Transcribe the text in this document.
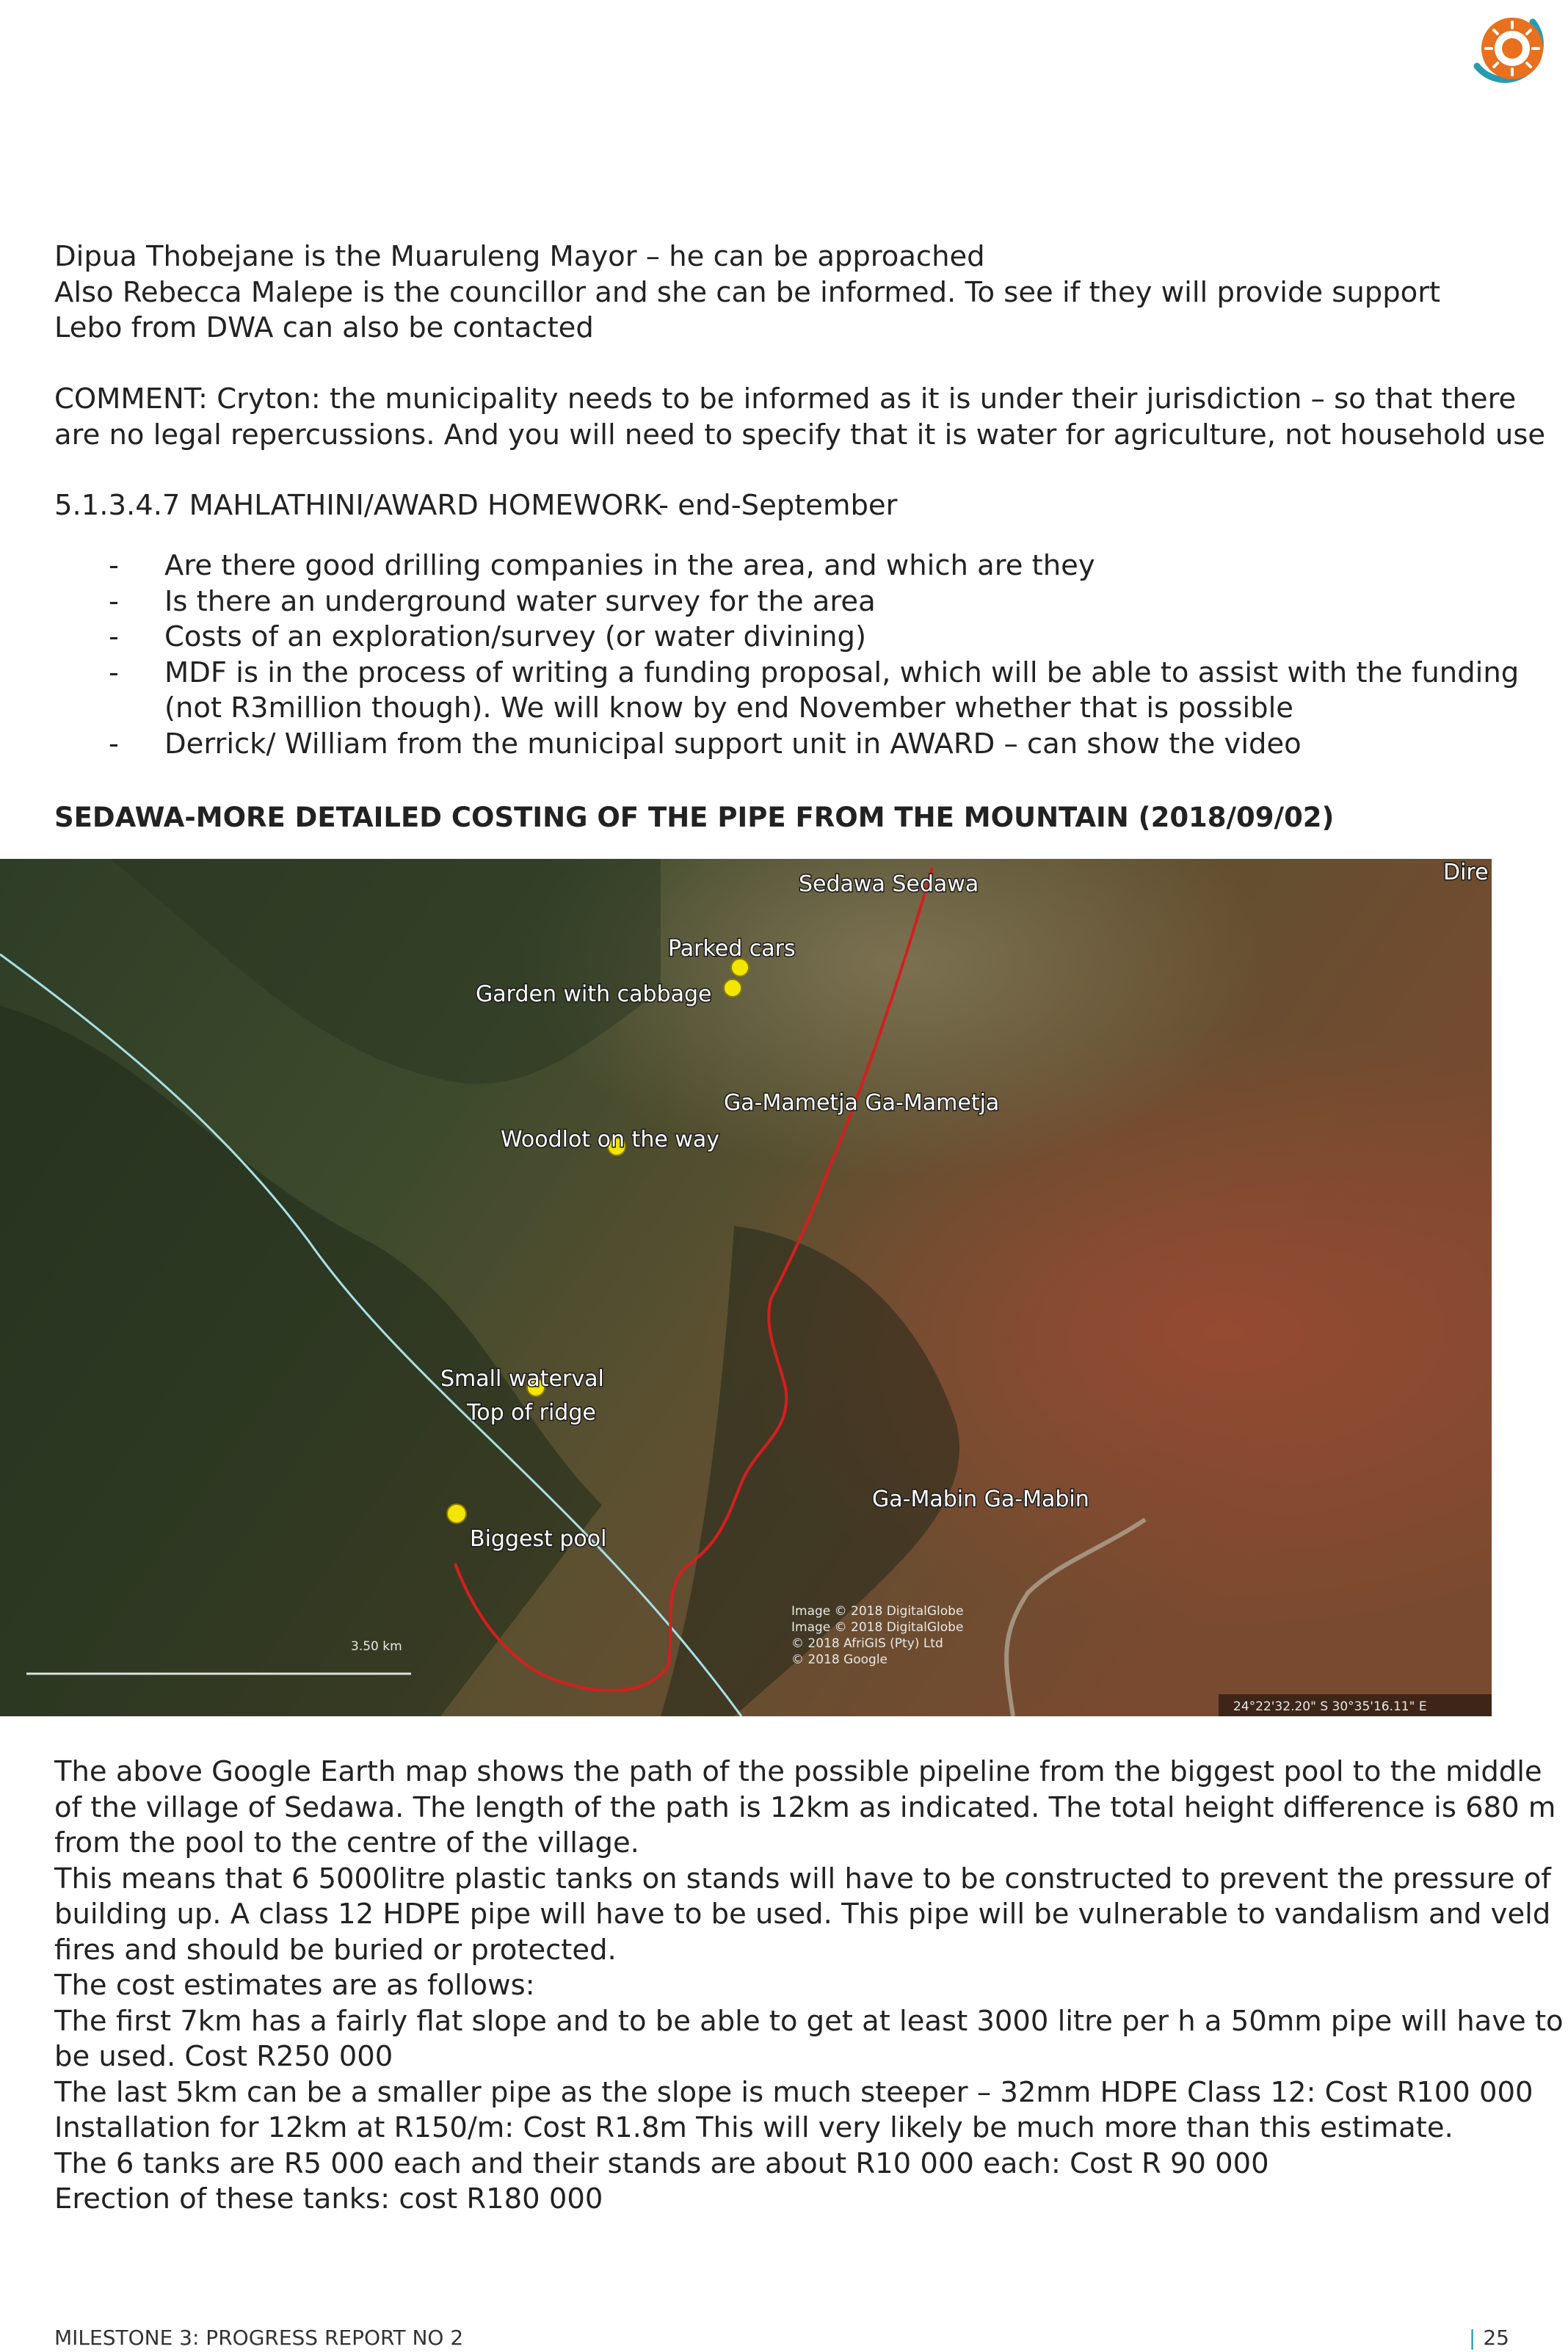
Dipua Thobejane is the Muaruleng Mayor – he can be approached
Also Rebecca Malepe is the councillor and she can be informed. To see if they will provide support
Lebo from DWA can also be contacted
COMMENT: Cryton: the municipality needs to be informed as it is under their jurisdiction – so that there
are no legal repercussions. And you will need to specify that it is water for agriculture, not household use
5.1.3.4.7 MAHLATHINI/AWARD HOMEWORK- end-September
- Are there good drilling companies in the area, and which are they
- Is there an underground water survey for the area
- Costs of an exploration/survey (or water divining)
- MDF is in the process of writing a funding proposal, which will be able to assist with the funding
(not R3million though). We will know by end November whether that is possible
- Derrick/ William from the municipal support unit in AWARD – can show the video
SEDAWA-MORE DETAILED COSTING OF THE PIPE FROM THE MOUNTAIN (2018/09/02)
Sedawa Sedawa	Dire
Parked cars
Garden with cabbage
Ga-Mametja Ga-Mametja
Woodlot on the way
Small waterval
Top of ridge
Ga-Mabin Ga-Mabin
Biggest pool
3.50 km
Image © 2018 DigitalGlobe
Image © 2018 DigitalGlobe
© 2018 AfriGIS (Pty) Ltd
© 2018 Google
24°22'32.20" S 30°35'16.11" E
The above Google Earth map shows the path of the possible pipeline from the biggest pool to the middle
of the village of Sedawa. The length of the path is 12km as indicated. The total height difference is 680 m
from the pool to the centre of the village.
This means that 6 5000litre plastic tanks on stands will have to be constructed to prevent the pressure of
building up. A class 12 HDPE pipe will have to be used. This pipe will be vulnerable to vandalism and veld
fires and should be buried or protected.
The cost estimates are as follows:
The first 7km has a fairly flat slope and to be able to get at least 3000 litre per h a 50mm pipe will have to
be used. Cost R250 000
The last 5km can be a smaller pipe as the slope is much steeper – 32mm HDPE Class 12: Cost R100 000
Installation for 12km at R150/m: Cost R1.8m This will very likely be much more than this estimate.
The 6 tanks are R5 000 each and their stands are about R10 000 each: Cost R 90 000
Erection of these tanks: cost R180 000
MILESTONE 3: PROGRESS REPORT NO 2	| 25
